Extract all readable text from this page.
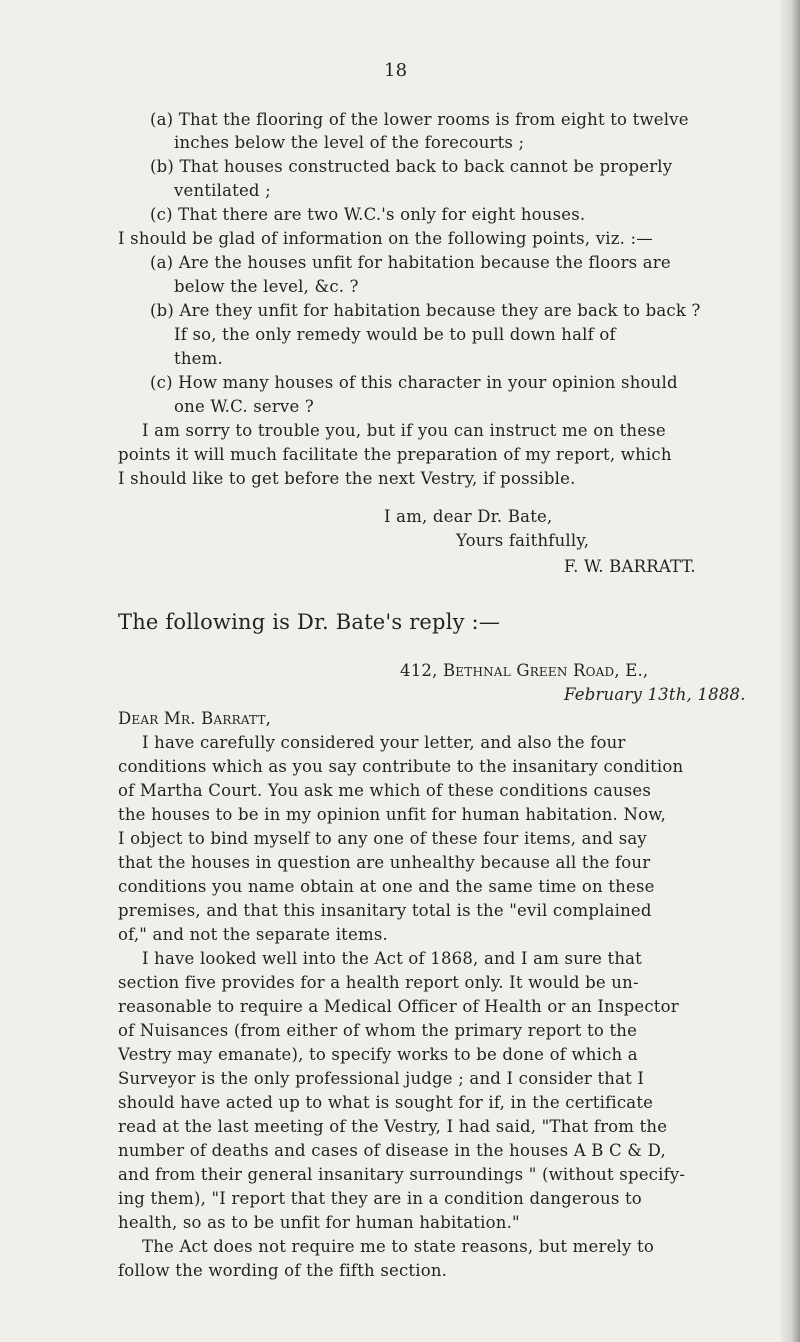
18
(a) That the flooring of the lower rooms is from eight to twelve
inches below the level of the forecourts ;
(b) That houses constructed back to back cannot be properly
ventilated ;
(c) That there are two W.C.'s only for eight houses.
I should be glad of information on the following points, viz. :—
(a) Are the houses unfit for habitation because the floors are
below the level, &c. ?
(b) Are they unfit for habitation because they are back to back ?
If so, the only remedy would be to pull down half of
them.
(c) How many houses of this character in your opinion should
one W.C. serve ?
I am sorry to trouble you, but if you can instruct me on these
points it will much facilitate the preparation of my report, which
I should like to get before the next Vestry, if possible.
I am, dear Dr. Bate,
Yours faithfully,
F. W. BARRATT.
The following is Dr. Bate's reply :—
412, Bethnal Green Road, E.,
February 13th, 1888.
Dear Mr. Barratt,
I have carefully considered your letter, and also the four
conditions which as you say contribute to the insanitary condition
of Martha Court. You ask me which of these conditions causes
the houses to be in my opinion unfit for human habitation. Now,
I object to bind myself to any one of these four items, and say
that the houses in question are unhealthy because all the four
conditions you name obtain at one and the same time on these
premises, and that this insanitary total is the "evil complained
of," and not the separate items.
I have looked well into the Act of 1868, and I am sure that
section five provides for a health report only. It would be un-
reasonable to require a Medical Officer of Health or an Inspector
of Nuisances (from either of whom the primary report to the
Vestry may emanate), to specify works to be done of which a
Surveyor is the only professional judge ; and I consider that I
should have acted up to what is sought for if, in the certificate
read at the last meeting of the Vestry, I had said, "That from the
number of deaths and cases of disease in the houses A B C & D,
and from their general insanitary surroundings " (without specify-
ing them), "I report that they are in a condition dangerous to
health, so as to be unfit for human habitation."
The Act does not require me to state reasons, but merely to
follow the wording of the fifth section.
